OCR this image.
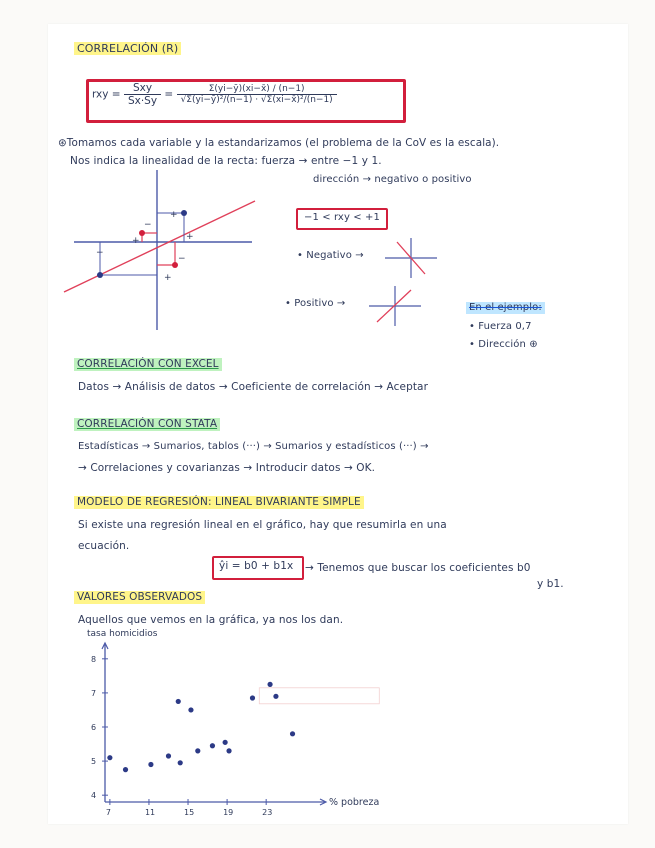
CORRELACIÓN (R)
rxy = $\frac{\text{Sxy}}{Sx\cdot Sy} = \frac{\Sigma(yi-ȳ)(xi-x̄) / (n-1)}{\text{√Σ(yi−ȳ)²/(n−1) · √Σ(xi−x̄)²/(n−1)}}$
⊛Tomamos cada variable y la estandarizamos (el problema de la CoV es la escala).
Nos indica la linealidad de la recta: fuerza → entre −1 y 1.
dirección → negativo o positivo
+
+
−
+
+
−
−
−1 < rxy < +1
• Negativo →
• Positivo →	En el ejemplo:
• Fuerza 0,7
• Dirección ⊕
CORRELACIÓN CON EXCEL
Datos → Análisis de datos → Coeficiente de correlación → Aceptar
CORRELACIÓN CON STATA
Estadísticas → Sumarios, tablos (···) → Sumarios y estadísticos (···) →
→ Correlaciones y covarianzas → Introducir datos → OK.
MODELO DE REGRESIÓN: LINEAL BIVARIANTE SIMPLE
Si existe una regresión lineal en el gráfico, hay que resumirla en una
ecuación.
ŷi = b0 + b1x → Tenemos que buscar los coeficientes b0
y b1.
VALORES OBSERVADOS
Aquellos que vemos en la gráfica, ya nos los dan.
4
5
6
7
8
7	11	15	19	23
tasa homicidios
% pobreza
